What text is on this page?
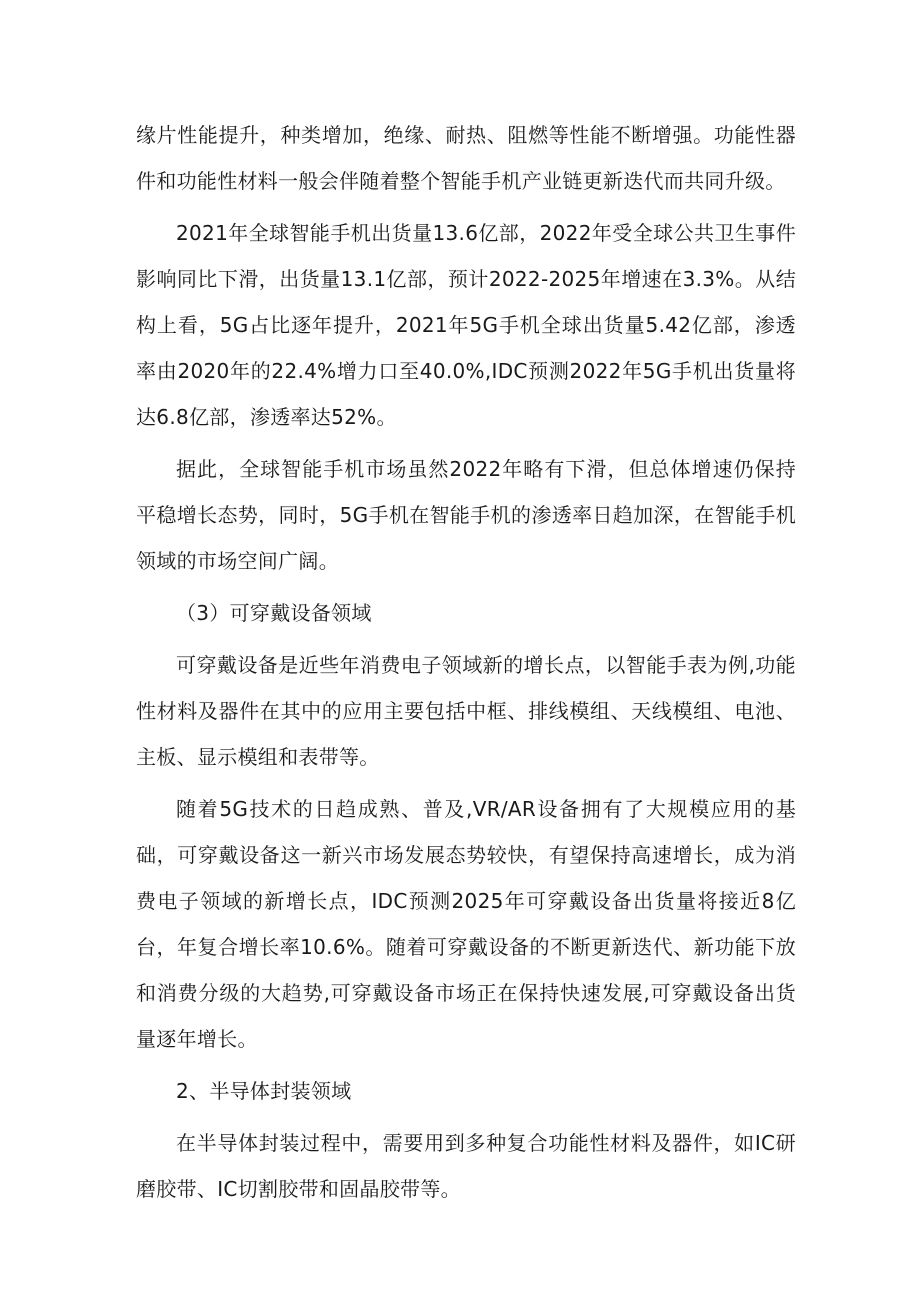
缘片性能提升，种类增加，绝缘、耐热、阻燃等性能不断增强。功能性器件和功能性材料一般会伴随着整个智能手机产业链更新迭代而共同升级。

2021年全球智能手机出货量13.6亿部，2022年受全球公共卫生事件影响同比下滑，出货量13.1亿部，预计2022-2025年增速在3.3%。从结构上看，5G占比逐年提升，2021年5G手机全球出货量5.42亿部，渗透率由2020年的22.4%增力口至40.0%,IDC预测2022年5G手机出货量将达6.8亿部，渗透率达52%。

据此，全球智能手机市场虽然2022年略有下滑，但总体增速仍保持平稳增长态势，同时，5G手机在智能手机的渗透率日趋加深，在智能手机领域的市场空间广阔。

（3）可穿戴设备领域

可穿戴设备是近些年消费电子领域新的增长点，以智能手表为例,功能性材料及器件在其中的应用主要包括中框、排线模组、天线模组、电池、主板、显示模组和表带等。

随着5G技术的日趋成熟、普及,VR/AR设备拥有了大规模应用的基础，可穿戴设备这一新兴市场发展态势较快，有望保持高速增长，成为消费电子领域的新增长点，IDC预测2025年可穿戴设备出货量将接近8亿台，年复合增长率10.6%。随着可穿戴设备的不断更新迭代、新功能下放和消费分级的大趋势,可穿戴设备市场正在保持快速发展,可穿戴设备出货量逐年增长。

2、半导体封装领域

在半导体封装过程中，需要用到多种复合功能性材料及器件，如IC研磨胶带、IC切割胶带和固晶胶带等。
